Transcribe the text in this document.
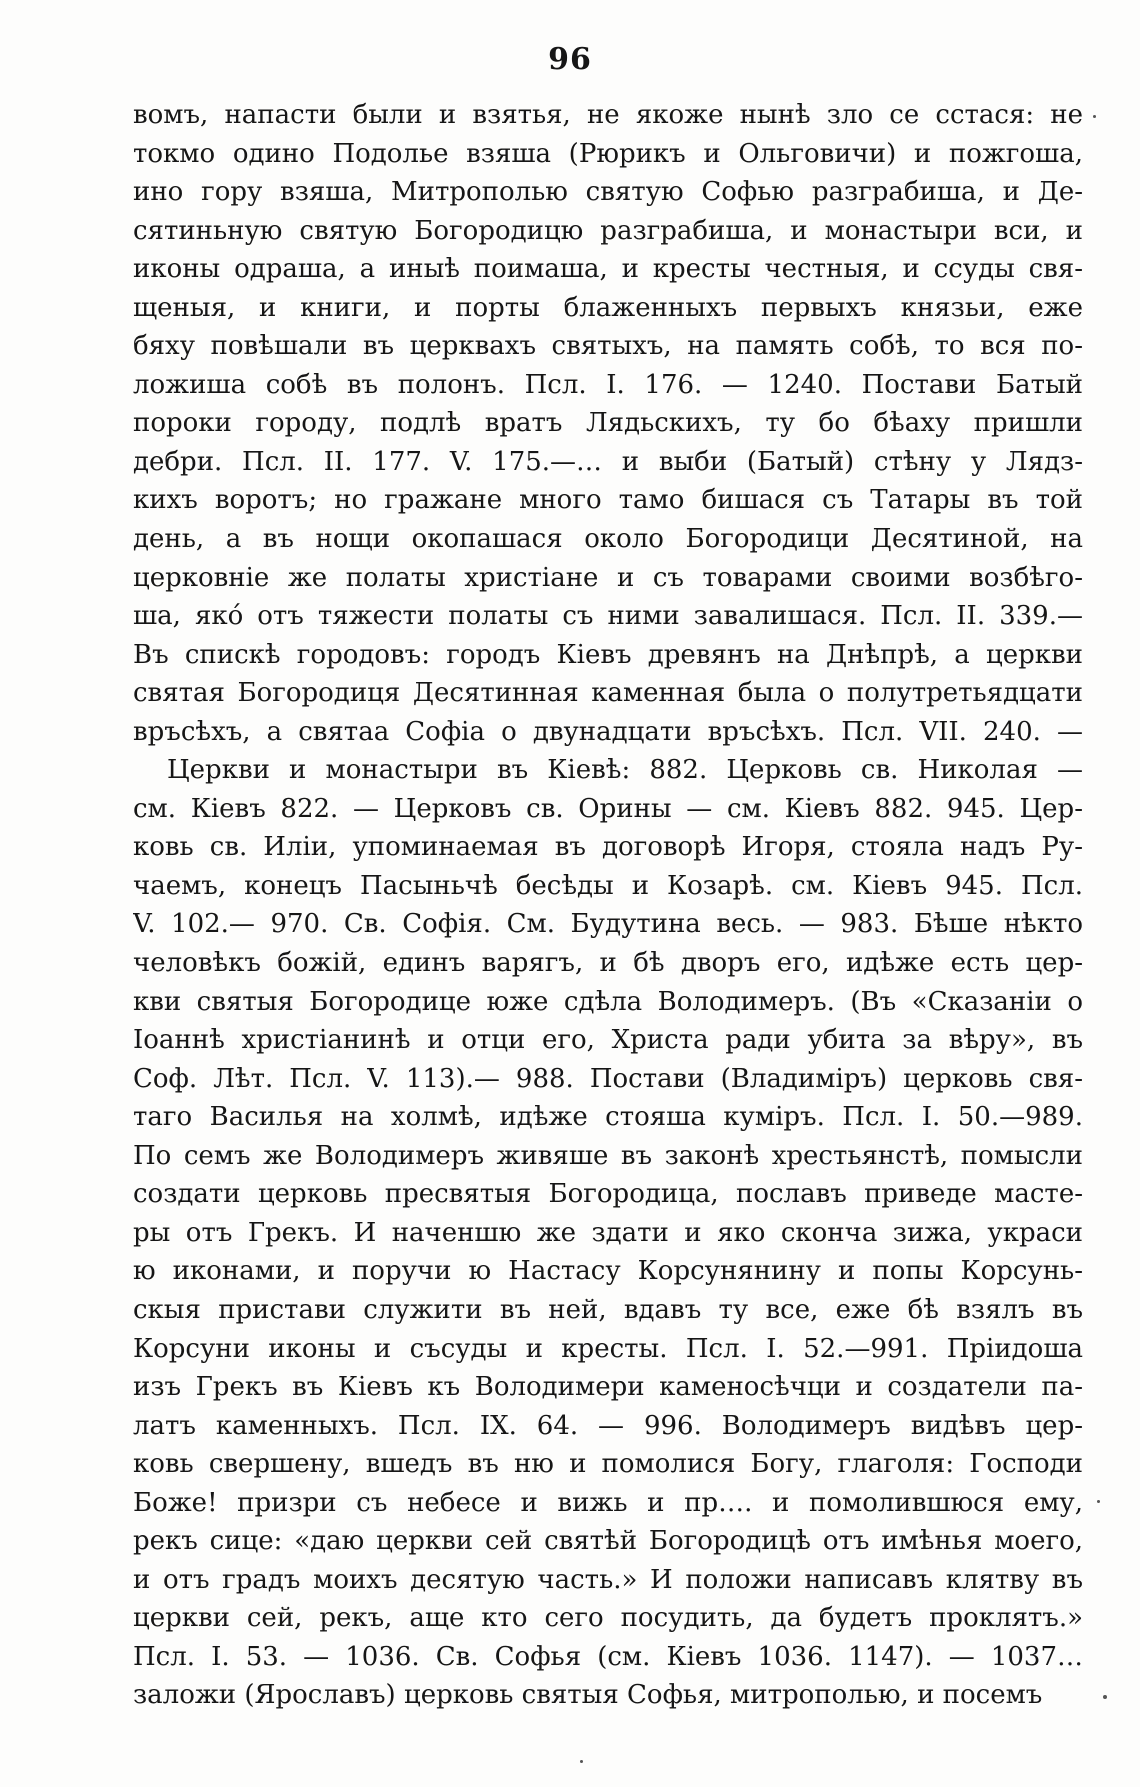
96
вомъ, напасти были и взятья, не якоже нынѣ зло се сстася: не
токмо одино Подолье взяша (Рюрикъ и Ольговичи) и пожгоша,
ино гору взяша, Митрополью святую Софью разграбиша, и Де-
сятиньную святую Богородицю разграбиша, и монастыри вси, и
иконы одраша, а иныѣ поимаша, и кресты честныя, и ссуды свя-
щеныя, и книги, и порты блаженныхъ первыхъ князьи, еже
бяху повѣшали въ церквахъ святыхъ, на память собѣ, то вся по-
ложиша собѣ въ полонъ. Псл. I. 176. — 1240. Постави Батый
пороки городу, подлѣ вратъ Лядьскихъ, ту бо бѣаху пришли
дебри. Псл. II. 177. V. 175.—… и выби (Батый) стѣну у Лядз-
кихъ воротъ; но гражане много тамо бишася съ Татары въ той
день, а въ нощи окопашася около Богородици Десятиной, на
церковніе же полаты христіане и съ товарами своими возбѣго-
ша, якό отъ тяжести полаты съ ними завалишася. Псл. II. 339.—
Въ спискѣ городовъ: городъ Кіевъ древянъ на Днѣпрѣ, а церкви
святая Богородиця Десятинная каменная была о полутретьядцати
връсѣхъ, а святаа Софіа о двунадцати връсѣхъ. Псл. VII. 240. —
Церкви и монастыри въ Кіевѣ: 882. Церковь св. Николая —
см. Кіевъ 822. — Церковъ св. Орины — см. Кіевъ 882. 945. Цер-
ковь св. Иліи, упоминаемая въ договорѣ Игоря, стояла надъ Ру-
чаемъ, конецъ Пасыньчѣ бесѣды и Козарѣ. см. Кіевъ 945. Псл.
V. 102.— 970. Св. Софія. См. Будутина весь. — 983. Бѣше нѣкто
человѣкъ божій, единъ варягъ, и бѣ дворъ его, идѣже есть цер-
кви святыя Богородице юже сдѣла Володимеръ. (Въ «Сказаніи о
Іоаннѣ христіанинѣ и отци его, Христа ради убита за вѣру», въ
Соф. Лѣт. Псл. V. 113).— 988. Постави (Владиміръ) церковь свя-
таго Василья на холмѣ, идѣже стояша куміръ. Псл. I. 50.—989.
По семъ же Володимеръ живяше въ законѣ хрестьянстѣ, помысли
создати церковь пресвятыя Богородица, пославъ приведе масте-
ры отъ Грекъ. И наченшю же здати и яко скончa зижа, украси
ю иконами, и поручи ю Настасу Корсунянину и попы Корсунь-
скыя пристави служити въ ней, вдавъ ту все, еже бѣ взялъ въ
Корсуни иконы и съсуды и кресты. Псл. I. 52.—991. Пріидоша
изъ Грекъ въ Кіевъ къ Володимери каменосѣчци и создатели па-
латъ каменныхъ. Псл. IX. 64. — 996. Володимеръ видѣвъ цер-
ковь свершену, вшедъ въ ню и помолися Богу, глаголя: Господи
Боже! призри съ небесе и вижь и пр…. и помолившюся ему,
рекъ сице: «даю церкви сей святѣй Богородицѣ отъ имѣнья моего,
и отъ градъ моихъ десятую часть.» И положи написавъ клятву въ
церкви сей, рекъ, аще кто сего посудить, да будетъ проклятъ.»
Псл. I. 53. — 1036. Св. Софья (см. Кіевъ 1036. 1147). — 1037…
заложи (Ярославъ) церковь святыя Софья, митрополью, и посемъ
